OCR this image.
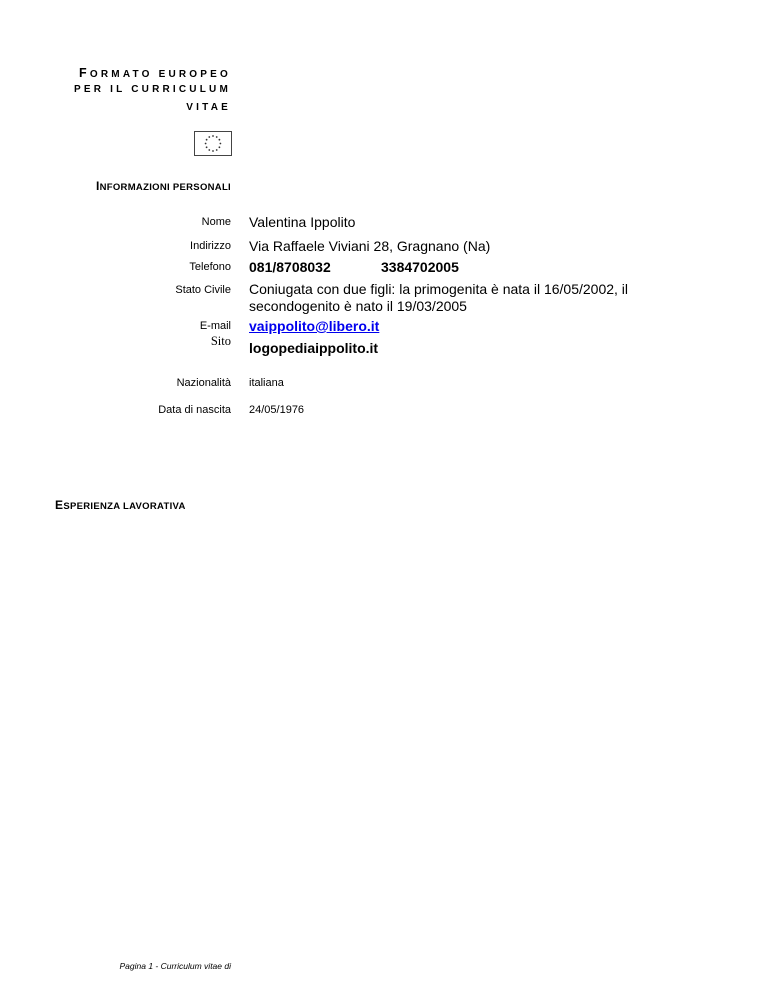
FORMATO EUROPEO
PER IL CURRICULUM
VITAE
INFORMAZIONI PERSONALI
Nome Valentina Ippolito
Indirizzo Via Raffaele Viviani 28, Gragnano (Na)
Telefono 081/8708032	3384702005
Stato Civile Coniugata con due figli: la primogenita è nata il 16/05/2002, il secondogenito è nato il 19/03/2005
E-mail vaippolito@libero.it
Sito logopediaippolito.it
Nazionalità italiana
Data di nascita 24/05/1976
ESPERIENZA LAVORATIVA
Pagina 1 - Curriculum vitae di
